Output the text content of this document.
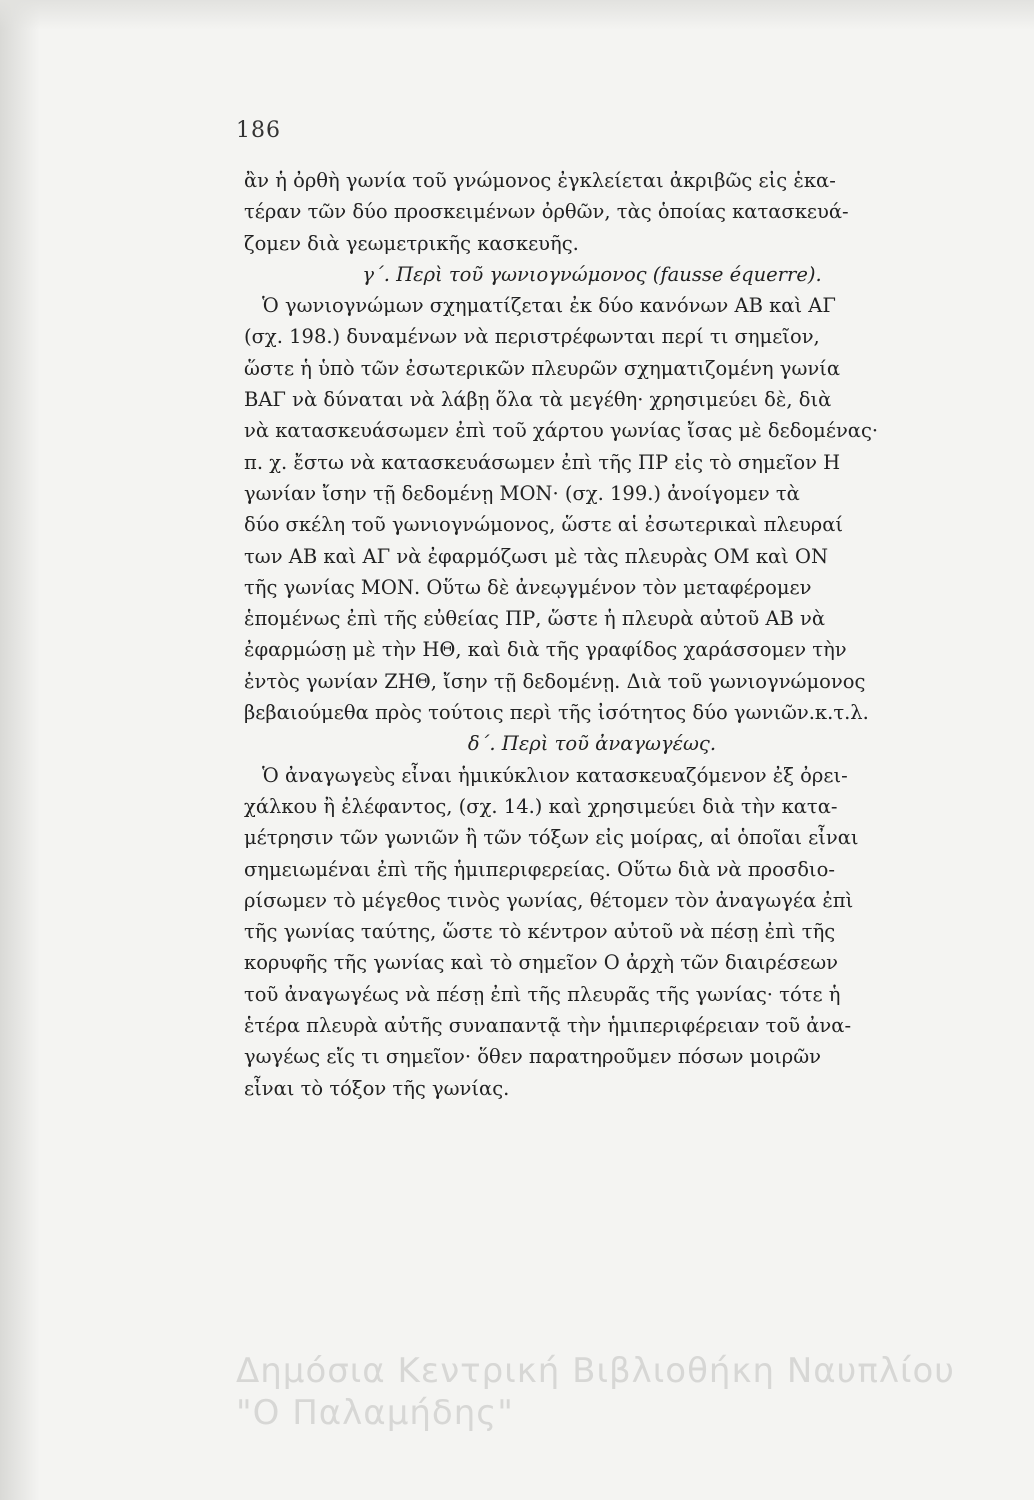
186
ἂν ἡ ὀρθὴ γωνία τοῦ γνώμονος ἐγκλείεται ἀκριβῶς εἰς ἑκα-
τέραν τῶν δύο προσκειμένων ὀρθῶν, τὰς ὁποίας κατασκευά-
ζομεν διὰ γεωμετρικῆς κασκευῆς.
γ΄. Περὶ τοῦ γωνιογνώμονος (fausse équerre).
Ὁ γωνιογνώμων σχηματίζεται ἐκ δύο κανόνων ΑΒ καὶ ΑΓ
(σχ. 198.) δυναμένων νὰ περιστρέφωνται περί τι σημεῖον,
ὥστε ἡ ὑπὸ τῶν ἐσωτερικῶν πλευρῶν σχηματιζομένη γωνία
ΒΑΓ νὰ δύναται νὰ λάβῃ ὅλα τὰ μεγέθη· χρησιμεύει δὲ, διὰ
νὰ κατασκευάσωμεν ἐπὶ τοῦ χάρτου γωνίας ἴσας μὲ δεδομένας·
π. χ. ἔστω νὰ κατασκευάσωμεν ἐπὶ τῆς ΠΡ εἰς τὸ σημεῖον Η
γωνίαν ἴσην τῇ δεδομένῃ ΜΟΝ· (σχ. 199.) ἀνοίγομεν τὰ
δύο σκέλη τοῦ γωνιογνώμονος, ὥστε αἱ ἐσωτερικαὶ πλευραί
των ΑΒ καὶ ΑΓ νὰ ἐφαρμόζωσι μὲ τὰς πλευρὰς ΟΜ καὶ ΟΝ
τῆς γωνίας ΜΟΝ. Οὕτω δὲ ἀνεῳγμένον τὸν μεταφέρομεν
ἑπομένως ἐπὶ τῆς εὐθείας ΠΡ, ὥστε ἡ πλευρὰ αὐτοῦ ΑΒ νὰ
ἐφαρμώσῃ μὲ τὴν ΗΘ, καὶ διὰ τῆς γραφίδος χαράσσομεν τὴν
ἐντὸς γωνίαν ΖΗΘ, ἴσην τῇ δεδομένῃ. Διὰ τοῦ γωνιογνώμονος
βεβαιούμεθα πρὸς τούτοις περὶ τῆς ἰσότητος δύο γωνιῶν.κ.τ.λ.
δ΄. Περὶ τοῦ ἀναγωγέως.
Ὁ ἀναγωγεὺς εἶναι ἡμικύκλιον κατασκευαζόμενον ἐξ ὀρει-
χάλκου ἢ ἐλέφαντος, (σχ. 14.) καὶ χρησιμεύει διὰ τὴν κατα-
μέτρησιν τῶν γωνιῶν ἢ τῶν τόξων εἰς μοίρας, αἱ ὁποῖαι εἶναι
σημειωμέναι ἐπὶ τῆς ἡμιπεριφερείας. Οὕτω διὰ νὰ προσδιο-
ρίσωμεν τὸ μέγεθος τινὸς γωνίας, θέτομεν τὸν ἀναγωγέα ἐπὶ
τῆς γωνίας ταύτης, ὥστε τὸ κέντρον αὐτοῦ νὰ πέσῃ ἐπὶ τῆς
κορυφῆς τῆς γωνίας καὶ τὸ σημεῖον Ο ἀρχὴ τῶν διαιρέσεων
τοῦ ἀναγωγέως νὰ πέσῃ ἐπὶ τῆς πλευρᾶς τῆς γωνίας· τότε ἡ
ἑτέρα πλευρὰ αὐτῆς συναπαντᾷ τὴν ἡμιπεριφέρειαν τοῦ ἀνα-
γωγέως εἴς τι σημεῖον· ὅθεν παρατηροῦμεν πόσων μοιρῶν
εἶναι τὸ τόξον τῆς γωνίας.
Δημόσια Κεντρική Βιβλιοθήκη Ναυπλίου
"Ο Παλαμήδης"
